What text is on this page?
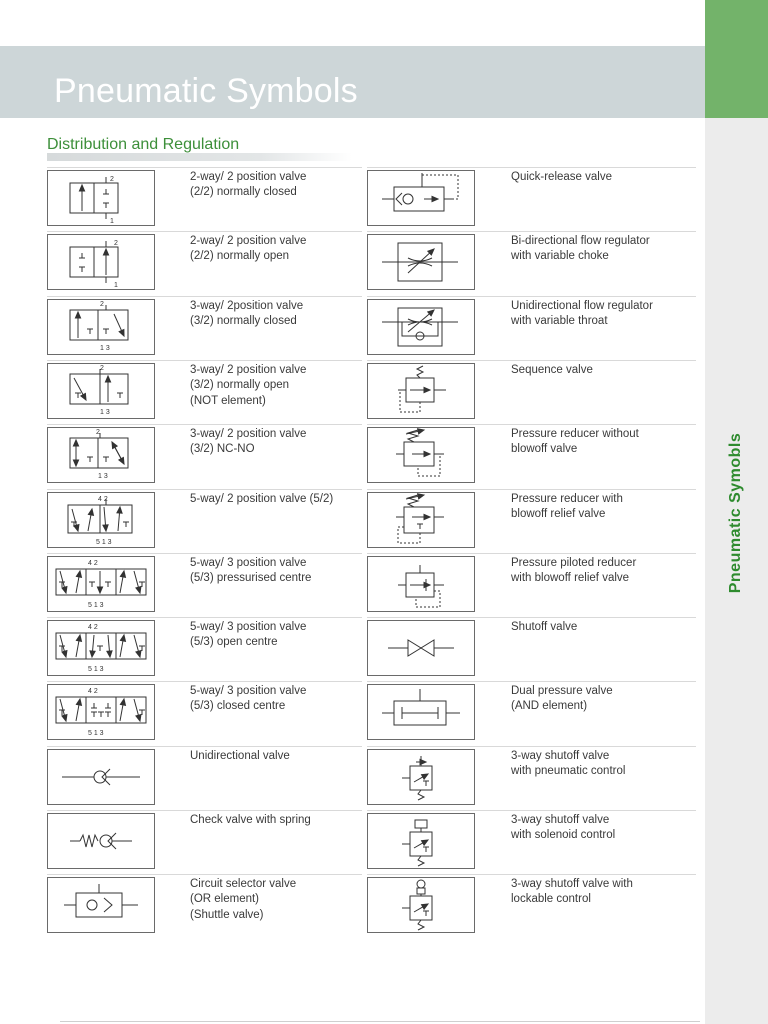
Pneumatic Symbols
Distribution and Regulation
Pneumatic Symobls
2
1
2-way/ 2 position valve
(2/2) normally closed
2
1
2-way/ 2 position valve
(2/2) normally open
2
1 3
3-way/ 2position valve
(3/2) normally closed
2
1 3
3-way/ 2 position valve
(3/2) normally open
(NOT element)
2
1 3
3-way/ 2 position valve
(3/2) NC-NO
4 2
5 1 3
5-way/ 2 position valve (5/2)
4 2
5 1 3
5-way/ 3 position valve
(5/3) pressurised centre
4 2
5 1 3
5-way/ 3 position valve
(5/3) open centre
4 2
5 1 3
5-way/ 3 position valve
(5/3) closed centre
Unidirectional valve
Check valve with spring
Circuit selector valve
(OR element)
(Shuttle valve)
Quick-release valve
Bi-directional flow regulator
with variable choke
Unidirectional flow regulator
with variable throat
Sequence valve
Pressure reducer without
blowoff valve
Pressure reducer with
blowoff relief valve
Pressure piloted reducer
with blowoff relief valve
Shutoff valve
Dual pressure valve
(AND element)
3-way shutoff valve
with pneumatic control
3-way shutoff valve
with solenoid control
3-way shutoff valve with
lockable control
